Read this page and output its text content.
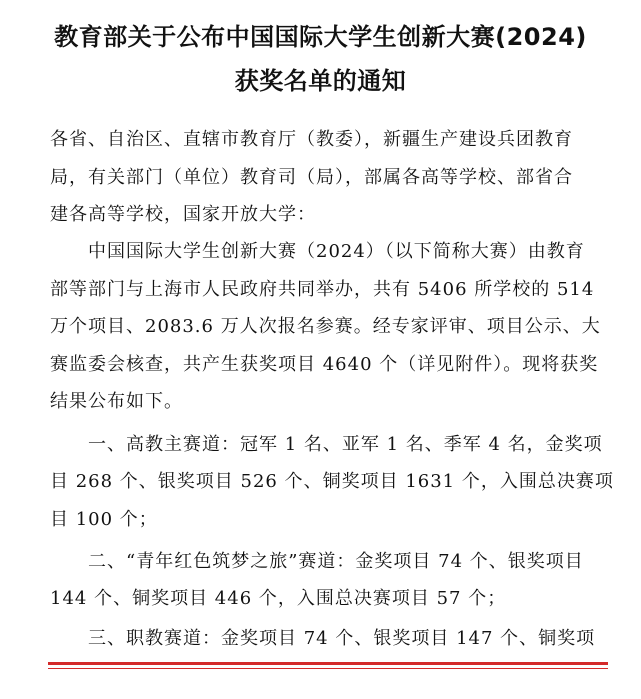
教育部关于公布中国国际大学生创新大赛(2024)
获奖名单的通知
各省、自治区、直辖市教育厅（教委），新疆生产建设兵团教育
局，有关部门（单位）教育司（局），部属各高等学校、部省合
建各高等学校，国家开放大学：
中国国际大学生创新大赛（2024）（以下简称大赛）由教育
部等部门与上海市人民政府共同举办，共有 5406 所学校的 514
万个项目、2083.6 万人次报名参赛。经专家评审、项目公示、大
赛监委会核查，共产生获奖项目 4640 个（详见附件）。现将获奖
结果公布如下。
一、高教主赛道：冠军 1 名、亚军 1 名、季军 4 名，金奖项
目 268 个、银奖项目 526 个、铜奖项目 1631 个，入围总决赛项
目 100 个；
二、“青年红色筑梦之旅”赛道：金奖项目 74 个、银奖项目
144 个、铜奖项目 446 个，入围总决赛项目 57 个；
三、职教赛道：金奖项目 74 个、银奖项目 147 个、铜奖项
